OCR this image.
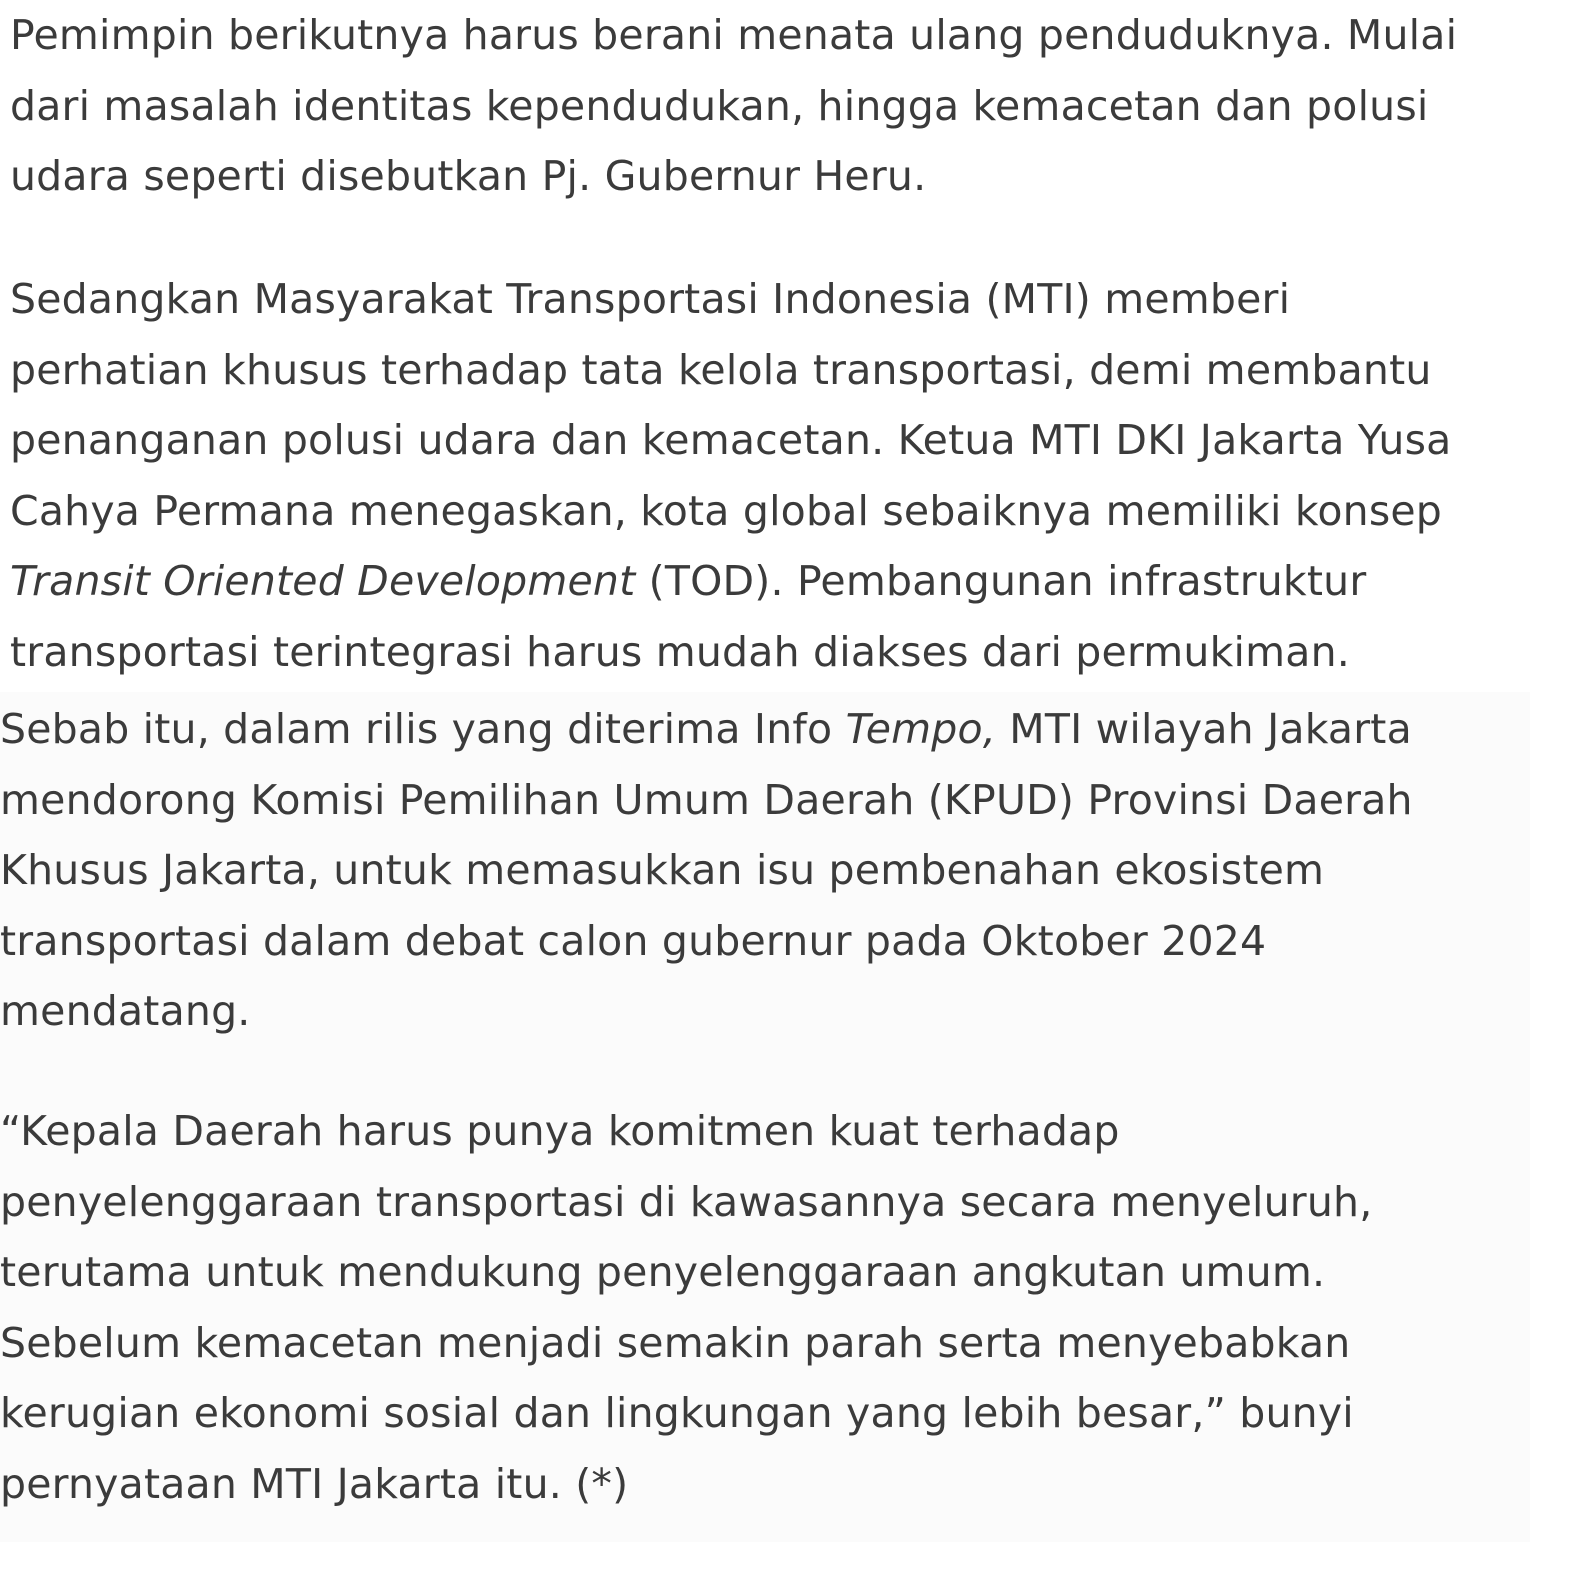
Pemimpin berikutnya harus berani menata ulang penduduknya. Mulai
dari masalah identitas kependudukan, hingga kemacetan dan polusi
udara seperti disebutkan Pj. Gubernur Heru.

Sedangkan Masyarakat Transportasi Indonesia (MTI) memberi
perhatian khusus terhadap tata kelola transportasi, demi membantu
penanganan polusi udara dan kemacetan. Ketua MTI DKI Jakarta Yusa
Cahya Permana menegaskan, kota global sebaiknya memiliki konsep
Transit Oriented Development (TOD). Pembangunan infrastruktur
transportasi terintegrasi harus mudah diakses dari permukiman.

Sebab itu, dalam rilis yang diterima Info Tempo, MTI wilayah Jakarta
mendorong Komisi Pemilihan Umum Daerah (KPUD) Provinsi Daerah
Khusus Jakarta, untuk memasukkan isu pembenahan ekosistem
transportasi dalam debat calon gubernur pada Oktober 2024
mendatang.

“Kepala Daerah harus punya komitmen kuat terhadap
penyelenggaraan transportasi di kawasannya secara menyeluruh,
terutama untuk mendukung penyelenggaraan angkutan umum.
Sebelum kemacetan menjadi semakin parah serta menyebabkan
kerugian ekonomi sosial dan lingkungan yang lebih besar,” bunyi
pernyataan MTI Jakarta itu. (*)
